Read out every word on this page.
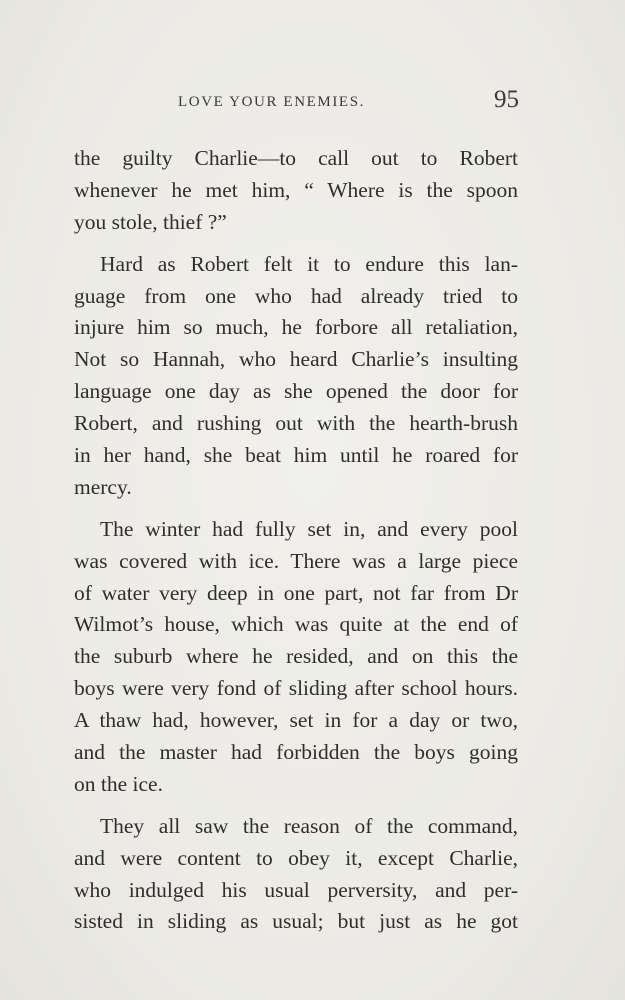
LOVE YOUR ENEMIES.	95
the guilty Charlie—to call out to Robert
whenever he met him, “ Where is the spoon
you stole, thief ?”
Hard as Robert felt it to endure this lan-
guage from one who had already tried to
injure him so much, he forbore all retaliation,
Not so Hannah, who heard Charlie’s insulting
language one day as she opened the door for
Robert, and rushing out with the hearth-brush
in her hand, she beat him until he roared for
mercy.
The winter had fully set in, and every pool
was covered with ice. There was a large piece
of water very deep in one part, not far from Dr
Wilmot’s house, which was quite at the end of
the suburb where he resided, and on this the
boys were very fond of sliding after school hours.
A thaw had, however, set in for a day or two,
and the master had forbidden the boys going
on the ice.
They all saw the reason of the command,
and were content to obey it, except Charlie,
who indulged his usual perversity, and per-
sisted in sliding as usual; but just as he got
